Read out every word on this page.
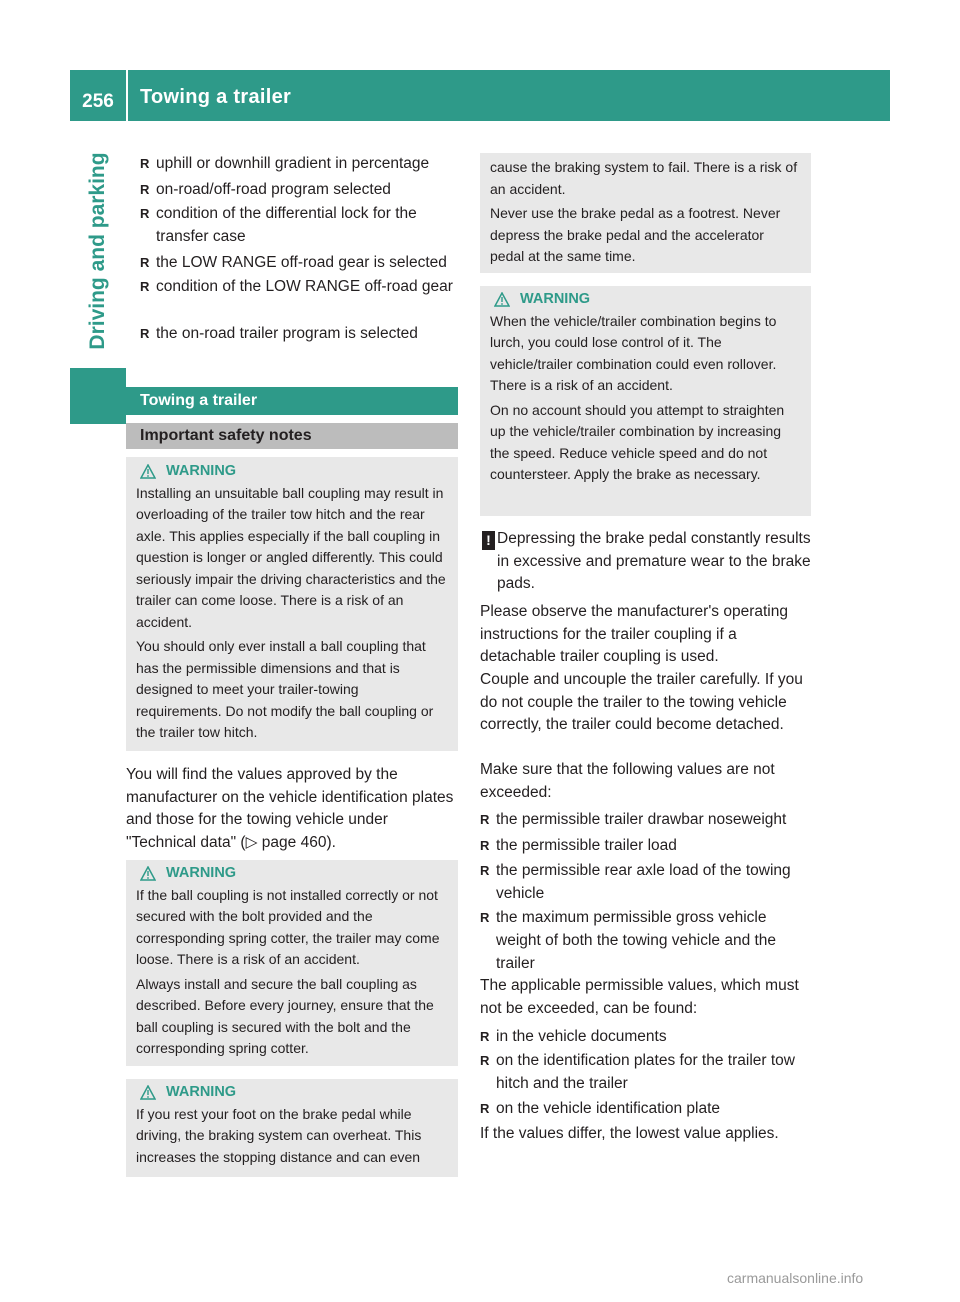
256	Towing a trailer
Driving and parking
R	uphill or downhill gradient in percentage
R on-road/off-road program selected
R condition of the differential lock for the transfer case
R the LOW RANGE off-road gear is selected
R condition of the LOW RANGE off-road gear
R the on-road trailer program is selected
Towing a trailer
Important safety notes
WARNING

Installing an unsuitable ball coupling may result in overloading of the trailer tow hitch and the rear axle. This applies especially if the ball coupling in question is longer or angled differently. This could seriously impair the driving characteristics and the trailer can come loose. There is a risk of an accident.

You should only ever install a ball coupling that has the permissible dimensions and that is designed to meet your trailer-towing requirements. Do not modify the ball coupling or the trailer tow hitch.

You will find the values approved by the manufacturer on the vehicle identification plates and those for the towing vehicle under "Technical data" (▷ page 460).
WARNING

If the ball coupling is not installed correctly or not secured with the bolt provided and the corresponding spring cotter, the trailer may come loose. There is a risk of an accident.

Always install and secure the ball coupling as described. Before every journey, ensure that the ball coupling is secured with the bolt and the corresponding spring cotter.

WARNING

If you rest your foot on the brake pedal while driving, the braking system can overheat. This increases the stopping distance and can even

cause the braking system to fail. There is a risk of an accident.

Never use the brake pedal as a footrest. Never depress the brake pedal and the accelerator pedal at the same time.

WARNING

When the vehicle/trailer combination begins to lurch, you could lose control of it. The vehicle/trailer combination could even rollover. There is a risk of an accident.

On no account should you attempt to straighten up the vehicle/trailer combination by increasing the speed. Reduce vehicle speed and do not countersteer. Apply the brake as necessary.

! Depressing the brake pedal constantly results in excessive and premature wear to the brake pads.
Please observe the manufacturer's operating instructions for the trailer coupling if a detachable trailer coupling is used.
Couple and uncouple the trailer carefully. If you do not couple the trailer to the towing vehicle correctly, the trailer could become detached.
Make sure that the following values are not exceeded:
R the permissible trailer drawbar noseweight
R the permissible trailer load
R the permissible rear axle load of the towing vehicle
R the maximum permissible gross vehicle weight of both the towing vehicle and the trailer
The applicable permissible values, which must not be exceeded, can be found:
R in the vehicle documents
R on the identification plates for the trailer tow hitch and the trailer
R on the vehicle identification plate
If the values differ, the lowest value applies.
carmanualsonline.info
